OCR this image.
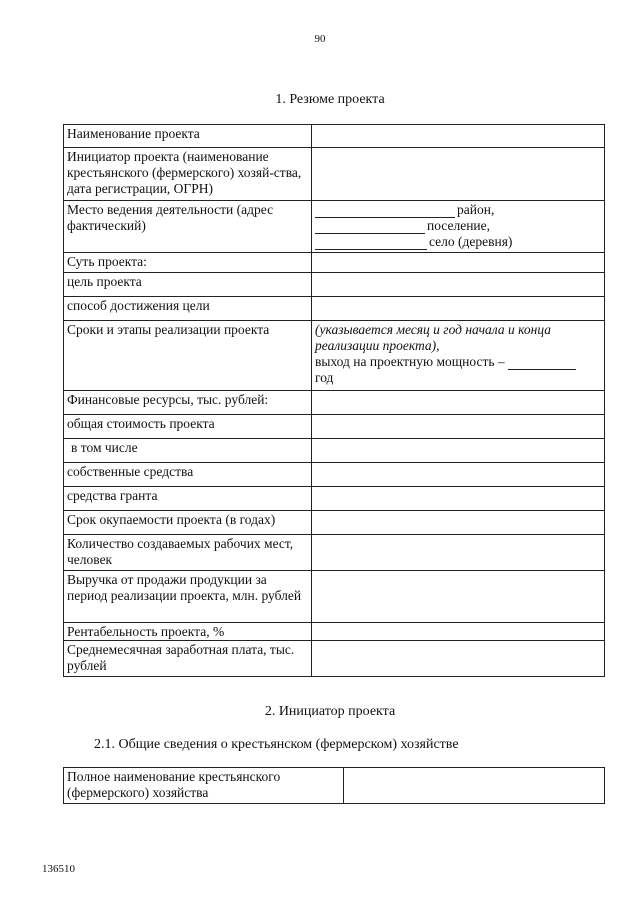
90
1. Резюме проекта
Наименование проекта	
Инициатор проекта (наименование крестьянского (фермерского) хозяй-ства, дата регистрации, ОГРН)	
Место ведения деятельности (адрес фактический)	район,
поселение,
село (деревня)

Суть проекта:	
цель проекта	
способ достижения цели	
Сроки и этапы реализации проекта	(указывается месяц и год начала и конца реализации проекта),
выход на проектную мощность –
год

Финансовые ресурсы, тыс. рублей:	
общая стоимость проекта	
в том числе	
собственные средства	
средства гранта	
Срок окупаемости проекта (в годах)	
Количество создаваемых рабочих мест, человек	
Выручка от продажи продукции за период реализации проекта, млн. рублей	
Рентабельность проекта, %	
Среднемесячная заработная плата, тыс. рублей	
2. Инициатор проекта
2.1. Общие сведения о крестьянском (фермерском) хозяйстве
Полное наименование крестьянского (фермерского) хозяйства	
136510
